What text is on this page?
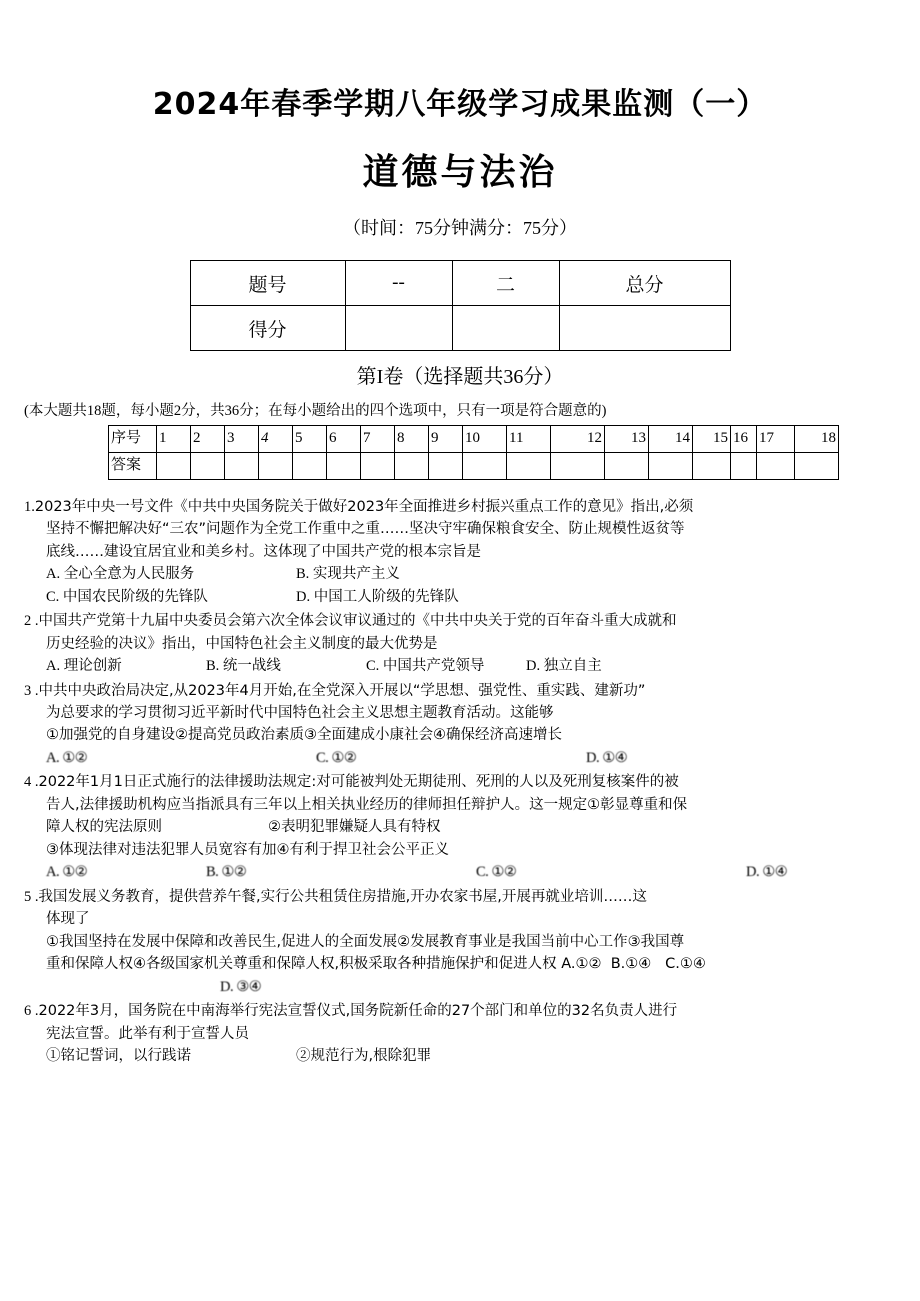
2024年春季学期八年级学习成果监测（一）
道德与法治

（时间：75分钟满分：75分）

题号	--	二	总分
得分			

第I卷（选择题共36分）

(本大题共18题，每小题2分，共36分；在每小题给出的四个选项中，只有一项是符合题意的)

序号	1	2	3	4	5	6	7	8	9	10	11	12	13	14	15	16	17	18
答案																		
1.2023年中央一号文件《中共中央国务院关于做好2023年全面推进乡村振兴重点工作的意见》指出,必须
坚持不懈把解决好“三农”问题作为全党工作重中之重……坚决守牢确保粮食安全、防止规模性返贫等
底线……建设宜居宜业和美乡村。这体现了中国共产党的根本宗旨是
A. 全心全意为人民服务	B. 实现共产主义
C. 中国农民阶级的先锋队	D. 中国工人阶级的先锋队
2 .中国共产党第十九届中央委员会第六次全体会议审议通过的《中共中央关于党的百年奋斗重大成就和
历史经验的决议》指出，中国特色社会主义制度的最大优势是
A. 理论创新	B. 统一战线	C. 中国共产党领导	D. 独立自主
3 .中共中央政治局决定,从2023年4月开始,在全党深入开展以“学思想、强党性、重实践、建新功”
为总要求的学习贯彻习近平新时代中国特色社会主义思想主题教育活动。这能够
①加强党的自身建设②提高党员政治素质③全面建成小康社会④确保经济高速增长
A. ①②	C. ①②	D. ①④
4 .2022年1月1日正式施行的法律援助法规定:对可能被判处无期徒刑、死刑的人以及死刑复核案件的被
告人,法律援助机构应当指派具有三年以上相关执业经历的律师担任辩护人。这一规定①彰显尊重和保
障人权的宪法原则                       ②表明犯罪嫌疑人具有特权
③体现法律对违法犯罪人员宽容有加④有利于捍卫社会公平正义
A. ①②	B. ①②	C. ①②	D. ①④
5 .我国发展义务教育，提供营养午餐,实行公共租赁住房措施,开办农家书屋,开展再就业培训……这
体现了
①我国坚持在发展中保障和改善民生,促进人的全面发展②发展教育事业是我国当前中心工作③我国尊
重和保障人权④各级国家机关尊重和保障人权,积极采取各种措施保护和促进人权 A.①②  B.①④   C.①④
D. ③④
6 .2022年3月，国务院在中南海举行宪法宣誓仪式,国务院新任命的27个部门和单位的32名负责人进行
宪法宣誓。此举有利于宣誓人员
①铭记誓词，以行践诺	②规范行为,根除犯罪
